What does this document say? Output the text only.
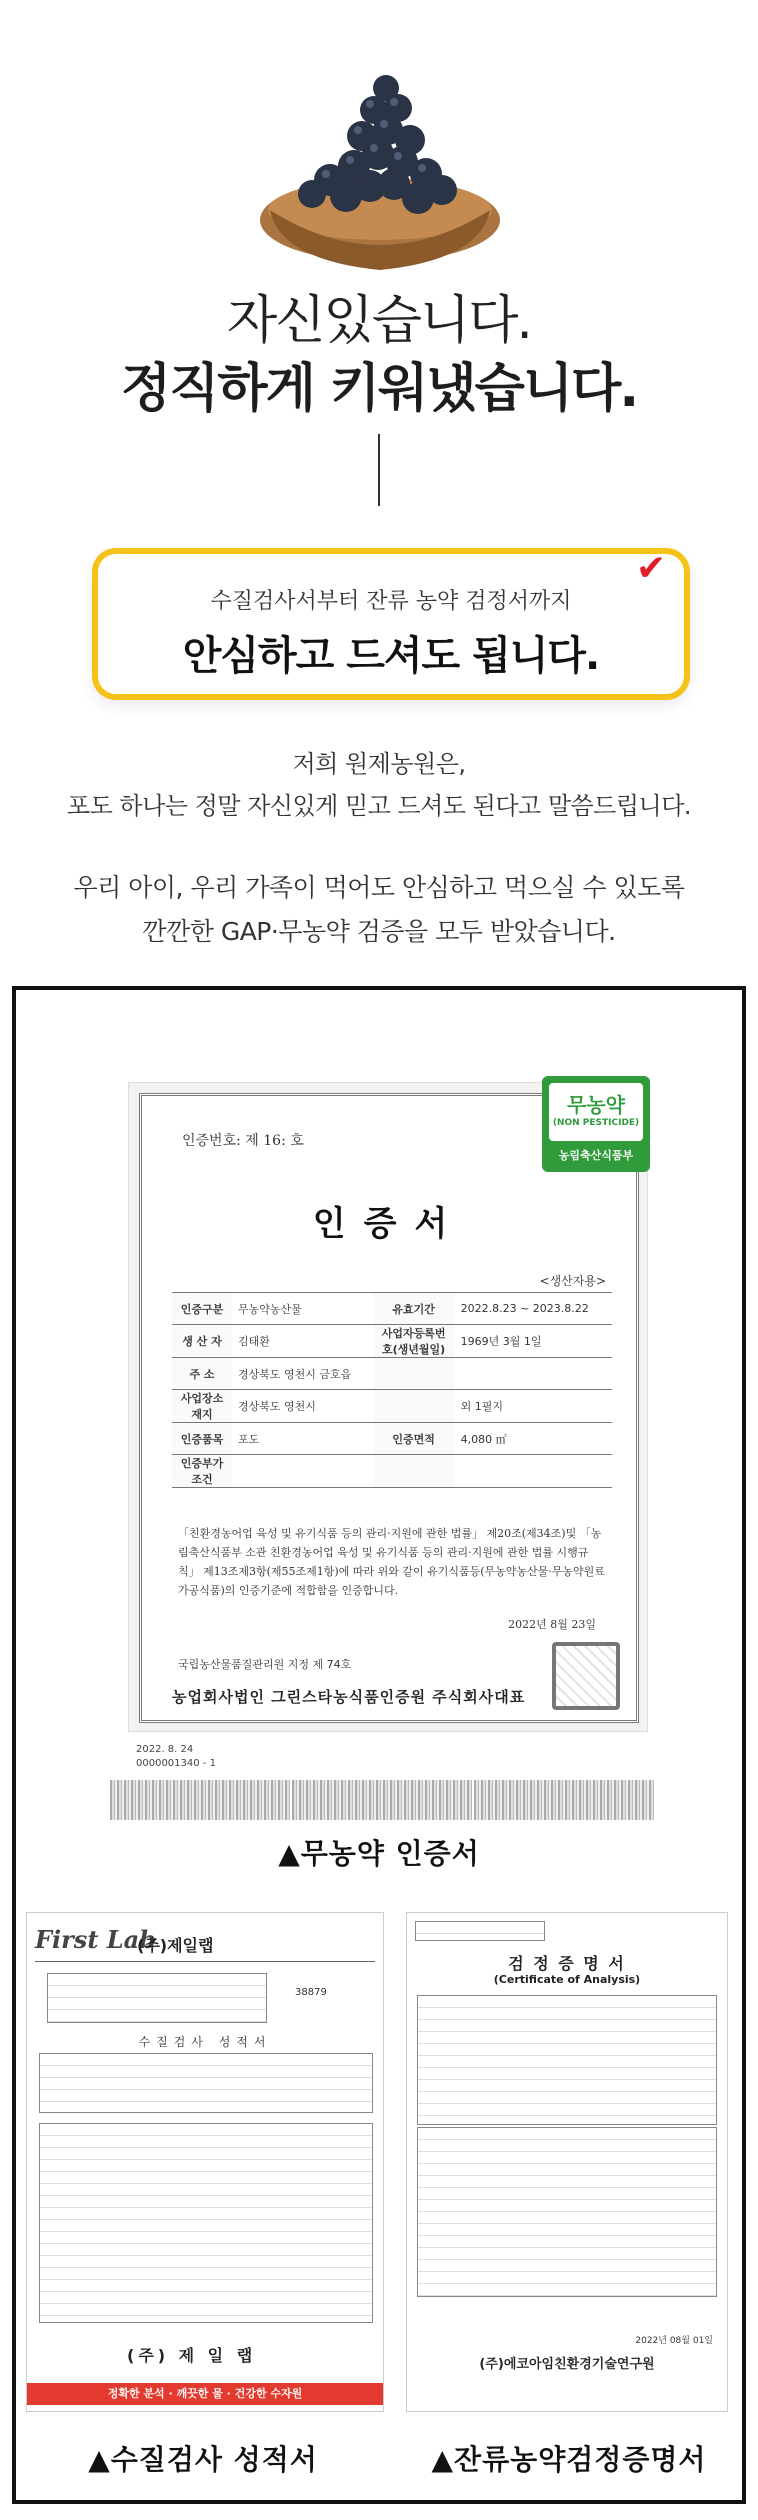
자신있습니다.
정직하게 키워냈습니다.
수질검사서부터 잔류 농약 검정서까지
안심하고 드셔도 됩니다.
✔
저희 원제농원은,
포도 하나는 정말 자신있게 믿고 드셔도 된다고 말씀드립니다.
우리 아이, 우리 가족이 먹어도 안심하고 먹으실 수 있도록
깐깐한 GAP·무농약 검증을 모두 받았습니다.
인증번호: 제 16: 호
무농약
(NON PESTICIDE)
농림축산식품부
인증서
<생산자용>
인증구분	무농약농산물	유효기간	2022.8.23 ~ 2023.8.22
생 산 자	김태환	사업자등록번호(생년월일)	1969년 3월 1일
주 소	경상북도 영천시 금호읍		
사업장소재지	경상북도 영천시		외 1필지
인증품목	포도	인증면적	4,080 ㎡
인증부가조건			
「친환경농어업 육성 및 유기식품 등의 관리·지원에 관한 법률」 제20조(제34조)및 「농림축산식품부 소관 친환경농어업 육성 및 유기식품 등의 관리·지원에 관한 법률 시행규칙」 제13조제3항(제55조제1항)에 따라 위와 같이 유기식품등(무농약농산물·무농약원료가공식품)의 인증기준에 적합함을 인증합니다.
2022년 8월 23일
국립농산물품질관리원 지정 제 74호
농업회사법인 그린스타농식품인증원 주식회사대표
2022. 8. 24
0000001340 - 1
▲무농약 인증서
First Lab
(주)제일랩
38879
수질검사 성적서
(주) 제 일 랩
정확한 분석 · 깨끗한 물 · 건강한 수자원
검 정 증 명 서
(Certificate of Analysis)
2022년 08월 01일
(주)에코아임친환경기술연구원
▲수질검사 성적서	▲잔류농약검정증명서
